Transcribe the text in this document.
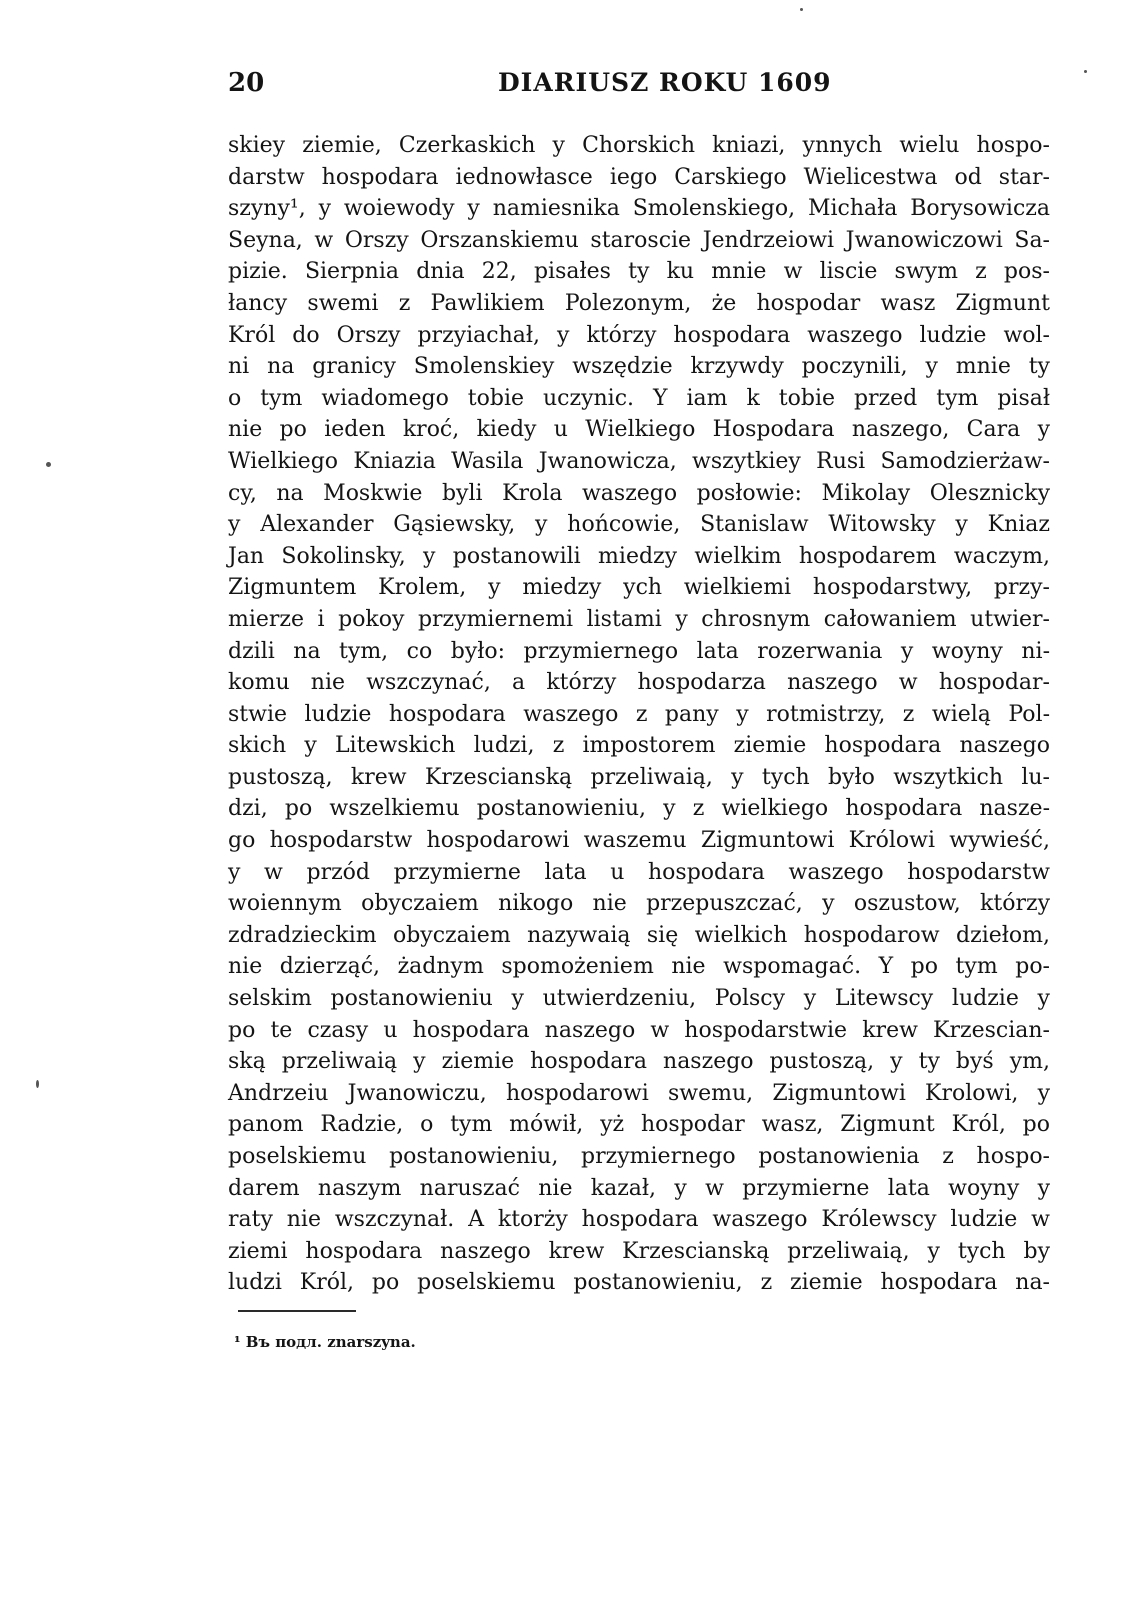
20	DIARIUSZ ROKU 1609
skiey ziemie, Czerkaskich y Chorskich kniazi, ynnych wielu hospo-
darstw hospodara iednowłasce iego Carskiego Wielicestwa od star-
szyny¹, y woiewody y namiesnika Smolenskiego, Michała Borysowicza
Seyna, w Orszy Orszanskiemu staroscie Jendrzeiowi Jwanowiczowi Sa-
pizie. Sierpnia dnia 22, pisałes ty ku mnie w liscie swym z pos-
łancy swemi z Pawlikiem Polezonym, że hospodar wasz Zigmunt
Król do Orszy przyiachał, y którzy hospodara waszego ludzie wol-
ni na granicy Smolenskiey wszędzie krzywdy poczynili, y mnie ty
o tym wiadomego tobie uczynic. Y iam k tobie przed tym pisał
nie po ieden kroć, kiedy u Wielkiego Hospodara naszego, Cara y
Wielkiego Kniazia Wasila Jwanowicza, wszytkiey Rusi Samodzierżaw-
cy, na Moskwie byli Krola waszego posłowie: Mikolay Olesznicky
y Alexander Gąsiewsky, y hońcowie, Stanislaw Witowsky y Kniaz
Jan Sokolinsky, y postanowili miedzy wielkim hospodarem waczym,
Zigmuntem Krolem, y miedzy ych wielkiemi hospodarstwy, przy-
mierze i pokoy przymiernemi listami y chrosnym całowaniem utwier-
dzili na tym, co było: przymiernego lata rozerwania y woyny ni-
komu nie wszczynać, a którzy hospodarza naszego w hospodar-
stwie ludzie hospodara waszego z pany y rotmistrzy, z wielą Pol-
skich y Litewskich ludzi, z impostorem ziemie hospodara naszego
pustoszą, krew Krzescianską przeliwaią, y tych było wszytkich lu-
dzi, po wszelkiemu postanowieniu, y z wielkiego hospodara nasze-
go hospodarstw hospodarowi waszemu Zigmuntowi Królowi wywieść,
y w przód przymierne lata u hospodara waszego hospodarstw
woiennym obyczaiem nikogo nie przepuszczać, y oszustow, którzy
zdradzieckim obyczaiem nazywaią się wielkich hospodarow dziełom,
nie dzierząć, żadnym spomożeniem nie wspomagać. Y po tym po-
selskim postanowieniu y utwierdzeniu, Polscy y Litewscy ludzie y
po te czasy u hospodara naszego w hospodarstwie krew Krzescian-
ską przeliwaią y ziemie hospodara naszego pustoszą, y ty byś ym,
Andrzeiu Jwanowiczu, hospodarowi swemu, Zigmuntowi Krolowi, y
panom Radzie, o tym mówił, yż hospodar wasz, Zigmunt Król, po
poselskiemu postanowieniu, przymiernego postanowienia z hospo-
darem naszym naruszać nie kazał, y w przymierne lata woyny y
raty nie wszczynał. A ktorży hospodara waszego Królewscy ludzie w
ziemi hospodara naszego krew Krzescianską przeliwaią, y tych by
ludzi Król, po poselskiemu postanowieniu, z ziemie hospodara na-
¹ Въ подл. znarszyna.
